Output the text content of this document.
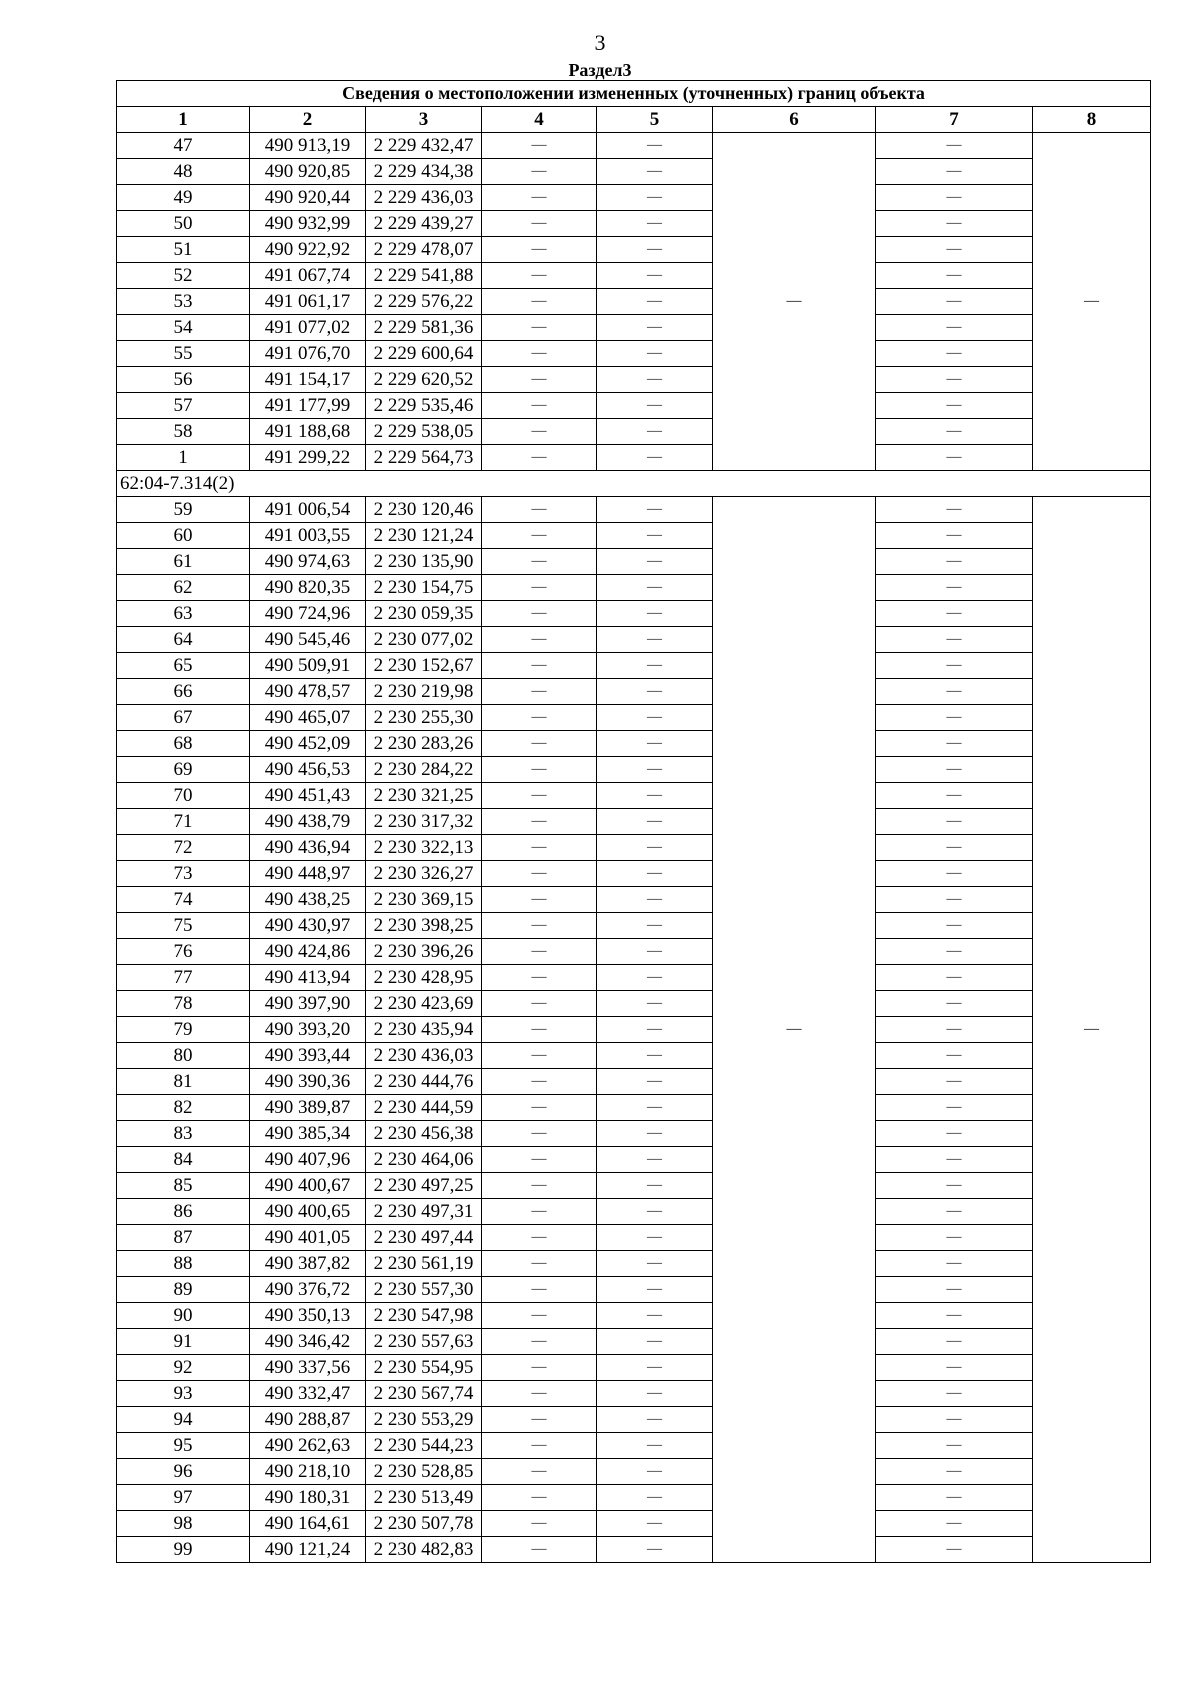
3
Раздел3
Сведения о местоположении измененных (уточненных) границ объекта							
1	2	3	4	5	6	7	8
47	490 913,19	2 229 432,47	—	—	—	—	—
48	490 920,85	2 229 434,38	—	—		—	
49	490 920,44	2 229 436,03	—	—		—	
50	490 932,99	2 229 439,27	—	—		—	
51	490 922,92	2 229 478,07	—	—		—	
52	491 067,74	2 229 541,88	—	—		—	
53	491 061,17	2 229 576,22	—	—		—	
54	491 077,02	2 229 581,36	—	—		—	
55	491 076,70	2 229 600,64	—	—		—	
56	491 154,17	2 229 620,52	—	—		—	
57	491 177,99	2 229 535,46	—	—		—	
58	491 188,68	2 229 538,05	—	—		—	
1	491 299,22	2 229 564,73	—	—		—	
62:04-7.314(2)							
59	491 006,54	2 230 120,46	—	—	—	—	—
60	491 003,55	2 230 121,24	—	—		—	
61	490 974,63	2 230 135,90	—	—		—	
62	490 820,35	2 230 154,75	—	—		—	
63	490 724,96	2 230 059,35	—	—		—	
64	490 545,46	2 230 077,02	—	—		—	
65	490 509,91	2 230 152,67	—	—		—	
66	490 478,57	2 230 219,98	—	—		—	
67	490 465,07	2 230 255,30	—	—		—	
68	490 452,09	2 230 283,26	—	—		—	
69	490 456,53	2 230 284,22	—	—		—	
70	490 451,43	2 230 321,25	—	—		—	
71	490 438,79	2 230 317,32	—	—		—	
72	490 436,94	2 230 322,13	—	—		—	
73	490 448,97	2 230 326,27	—	—		—	
74	490 438,25	2 230 369,15	—	—		—	
75	490 430,97	2 230 398,25	—	—		—	
76	490 424,86	2 230 396,26	—	—		—	
77	490 413,94	2 230 428,95	—	—		—	
78	490 397,90	2 230 423,69	—	—		—	
79	490 393,20	2 230 435,94	—	—		—	
80	490 393,44	2 230 436,03	—	—		—	
81	490 390,36	2 230 444,76	—	—		—	
82	490 389,87	2 230 444,59	—	—		—	
83	490 385,34	2 230 456,38	—	—		—	
84	490 407,96	2 230 464,06	—	—		—	
85	490 400,67	2 230 497,25	—	—		—	
86	490 400,65	2 230 497,31	—	—		—	
87	490 401,05	2 230 497,44	—	—		—	
88	490 387,82	2 230 561,19	—	—		—	
89	490 376,72	2 230 557,30	—	—		—	
90	490 350,13	2 230 547,98	—	—		—	
91	490 346,42	2 230 557,63	—	—		—	
92	490 337,56	2 230 554,95	—	—		—	
93	490 332,47	2 230 567,74	—	—		—	
94	490 288,87	2 230 553,29	—	—		—	
95	490 262,63	2 230 544,23	—	—		—	
96	490 218,10	2 230 528,85	—	—		—	
97	490 180,31	2 230 513,49	—	—		—	
98	490 164,61	2 230 507,78	—	—		—	
99	490 121,24	2 230 482,83	—	—		—	
